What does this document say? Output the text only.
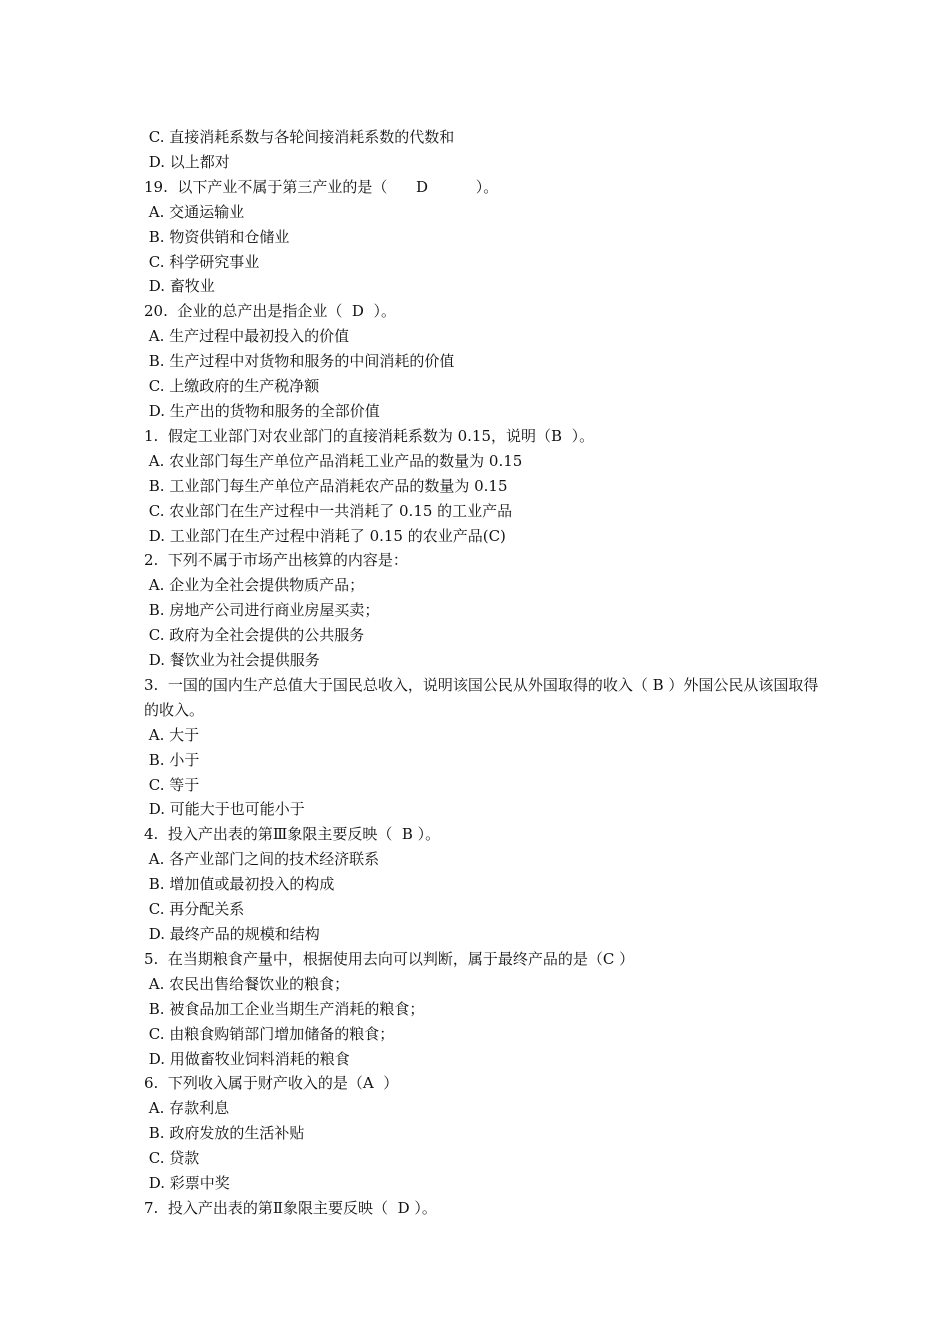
C. 直接消耗系数与各轮间接消耗系数的代数和
D. 以上都对
19.  以下产业不属于第三产业的是（      D          ）。
A. 交通运输业
B. 物资供销和仓储业
C. 科学研究事业
D. 畜牧业
20.  企业的总产出是指企业（  D  ）。
A. 生产过程中最初投入的价值
B. 生产过程中对货物和服务的中间消耗的价值
C. 上缴政府的生产税净额
D. 生产出的货物和服务的全部价值
1.  假定工业部门对农业部门的直接消耗系数为 0.15，说明（B  ）。
A. 农业部门每生产单位产品消耗工业产品的数量为 0.15
B. 工业部门每生产单位产品消耗农产品的数量为 0.15
C. 农业部门在生产过程中一共消耗了 0.15 的工业产品
D. 工业部门在生产过程中消耗了 0.15 的农业产品(C)
2.  下列不属于市场产出核算的内容是：
A. 企业为全社会提供物质产品；
B. 房地产公司进行商业房屋买卖；
C. 政府为全社会提供的公共服务
D. 餐饮业为社会提供服务
3.  一国的国内生产总值大于国民总收入，说明该国公民从外国取得的收入（ B ）外国公民从该国取得的收入。
A. 大于
B. 小于
C. 等于
D. 可能大于也可能小于
4.  投入产出表的第Ⅲ象限主要反映（  B ）。
A. 各产业部门之间的技术经济联系
B. 增加值或最初投入的构成
C. 再分配关系
D. 最终产品的规模和结构
5.  在当期粮食产量中，根据使用去向可以判断，属于最终产品的是（C ）
A. 农民出售给餐饮业的粮食；
B. 被食品加工企业当期生产消耗的粮食；
C. 由粮食购销部门增加储备的粮食；
D. 用做畜牧业饲料消耗的粮食
6.  下列收入属于财产收入的是（A  ）
A. 存款利息
B. 政府发放的生活补贴
C. 贷款
D. 彩票中奖
7.  投入产出表的第Ⅱ象限主要反映（  D ）。
